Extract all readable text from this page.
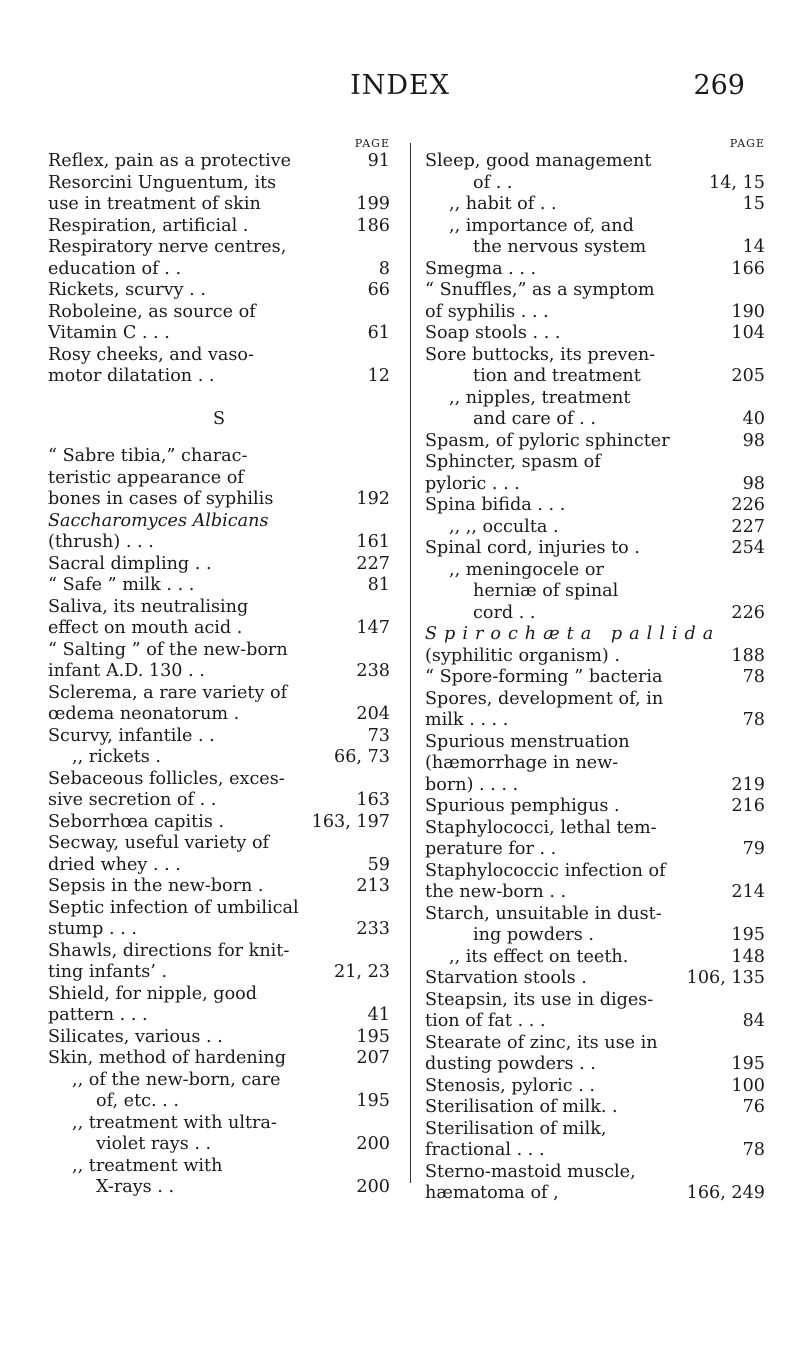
INDEX	269
PAGE
Reflex, pain as a protective	91
Resorcini Unguentum, its
use in treatment of skin	199
Respiration, artificial .	186
Respiratory nerve centres,
education of . .	8
Rickets, scurvy . .	66
Roboleine, as source of
Vitamin C . . .	61
Rosy cheeks, and vaso-
motor dilatation . .	12
S
“ Sabre tibia,” charac-
teristic appearance of
bones in cases of syphilis	192
Saccharomyces Albicans
(thrush) . . .	161
Sacral dimpling . .	227
“ Safe ” milk . . .	81
Saliva, its neutralising
effect on mouth acid .	147
“ Salting ” of the new-born
infant A.D. 130 . .	238
Sclerema, a rare variety of
œdema neonatorum .	204
Scurvy, infantile . .	73
,, rickets .	66, 73
Sebaceous follicles, exces-
sive secretion of . .	163
Seborrhœa capitis .	163, 197
Secway, useful variety of
dried whey . . .	59
Sepsis in the new-born .	213
Septic infection of umbilical
stump . . .	233
Shawls, directions for knit-
ting infants’ .	21, 23
Shield, for nipple, good
pattern . . .	41
Silicates, various . .	195
Skin, method of hardening	207
,, of the new-born, care
of, etc. . .	195
,, treatment with ultra-
violet rays . .	200
,, treatment with
X-rays . .	200
PAGE
Sleep, good management
of . .	14, 15
,, habit of . .	15
,, importance of, and
the nervous system	14
Smegma . . .	166
“ Snuffles,” as a symptom
of syphilis . . .	190
Soap stools . . .	104
Sore buttocks, its preven-
tion and treatment	205
,, nipples, treatment
and care of . .	40
Spasm, of pyloric sphincter	98
Sphincter, spasm of
pyloric . . .	98
Spina bifida . . .	226
,, ,, occulta .	227
Spinal cord, injuries to .	254
,, meningocele or
herniæ of spinal
cord . .	226
Spirochæta pallida
(syphilitic organism) .	188
“ Spore-forming ” bacteria	78
Spores, development of, in
milk . . . .	78
Spurious menstruation
(hæmorrhage in new-
born) . . . .	219
Spurious pemphigus .	216
Staphylococci, lethal tem-
perature for . .	79
Staphylococcic infection of
the new-born . .	214
Starch, unsuitable in dust-
ing powders .	195
,, its effect on teeth.	148
Starvation stools .	106, 135
Steapsin, its use in diges-
tion of fat . . .	84
Stearate of zinc, its use in
dusting powders . .	195
Stenosis, pyloric . .	100
Sterilisation of milk. .	76
Sterilisation of milk,
fractional . . .	78
Sterno-mastoid muscle,
hæmatoma of ,	166, 249
